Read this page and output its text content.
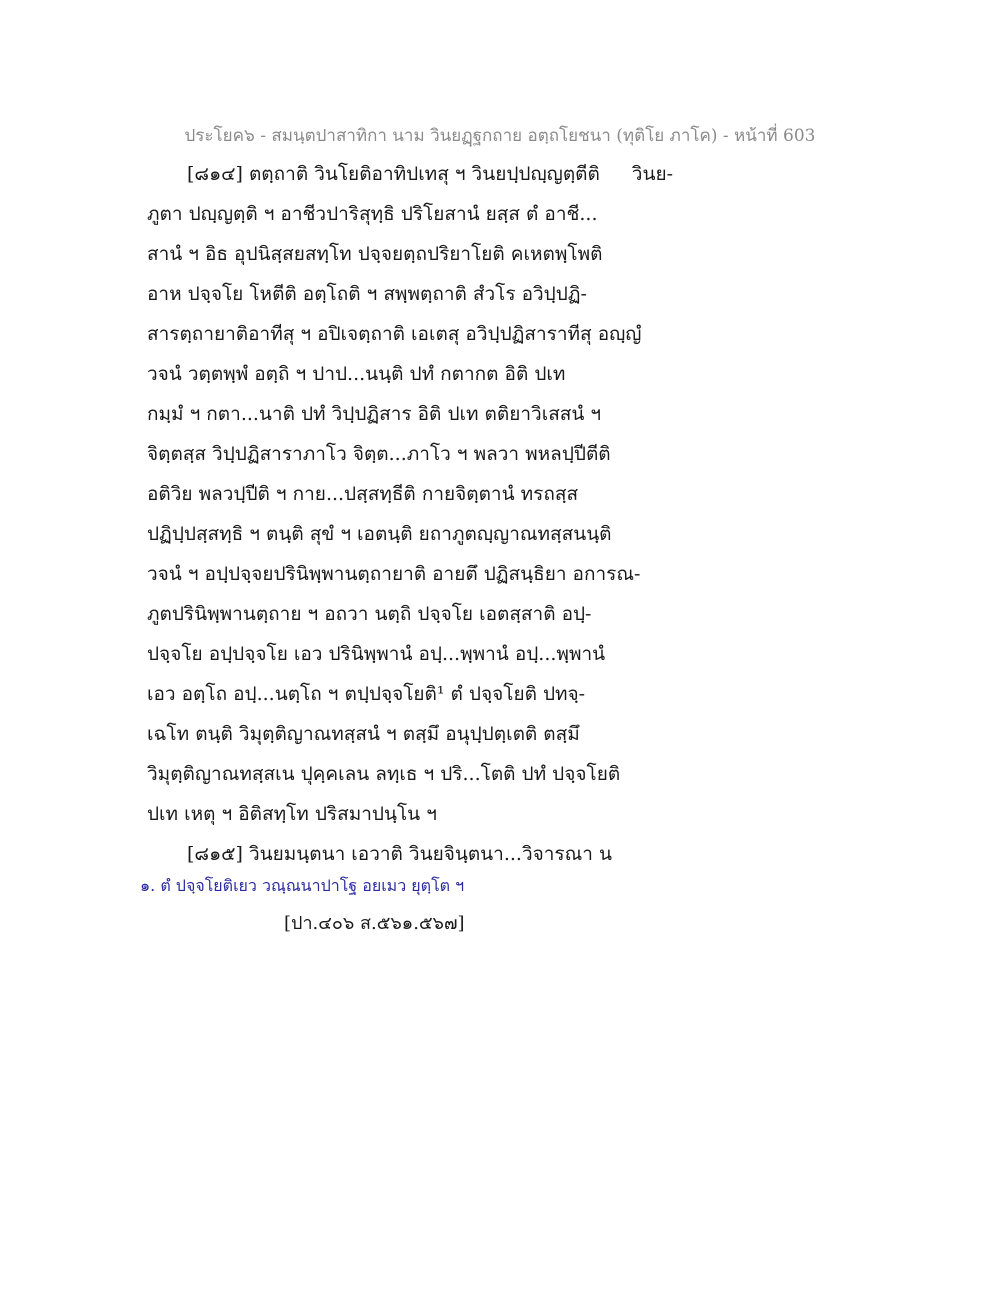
ประโยค๖ - สมนฺตปาสาทิกา นาม วินยฏฺฐกถาย อตฺถโยชนา (ทุติโย ภาโค) - หน้าที่ 603
[๘๑๔] ตตฺถาติ วินโยติอาทิปเทสุ ฯ วินยปฺปญฺญตฺตีติ วินย-
ภูตา ปญฺญตฺติ ฯ อาชีวปาริสุทฺธิ ปริโยสานํ ยสฺส ตํ อาชี...
สานํ ฯ อิธ อุปนิสฺสยสทฺโท ปจฺจยตฺถปริยาโยติ คเหตพฺโพติ
อาห ปจฺจโย โหตีติ อตฺโถติ ฯ สพฺพตฺถาติ สํวโร อวิปฺปฏิ-
สารตฺถายาติอาทีสุ ฯ อปิเจตฺถาติ เอเตสุ อวิปฺปฏิสาราทีสุ อญฺญํ
วจนํ วตฺตพฺพํ อตฺถิ ฯ ปาป...นนฺติ ปทํ กตากต อิติ ปเท
กมฺมํ ฯ กตา...นาติ ปทํ วิปฺปฏิสาร อิติ ปเท ตติยาวิเสสนํ ฯ
จิตฺตสฺส วิปฺปฏิสาราภาโว จิตฺต...ภาโว ฯ พลวา พหลปฺปีตีติ
อติวิย พลวปฺปีติ ฯ กาย...ปสฺสทฺธีติ กายจิตฺตานํ ทรถสฺส
ปฏิปฺปสฺสทฺธิ ฯ ตนฺติ สุขํ ฯ เอตนฺติ ยถาภูตญฺญาณทสฺสนนฺติ
วจนํ ฯ อปฺปจฺจยปรินิพฺพานตฺถายาติ อายตึ ปฏิสนฺธิยา อการณ-
ภูตปรินิพฺพานตฺถาย ฯ อถวา นตฺถิ ปจฺจโย เอตสฺสาติ อปฺ-
ปจฺจโย อปฺปจฺจโย เอว ปรินิพฺพานํ อปฺ...พฺพานํ อปฺ...พฺพานํ
เอว อตฺโถ อปฺ...นตฺโถ ฯ ตปฺปจฺจโยติ¹ ตํ ปจฺจโยติ ปทจฺ-
เฉโท ตนฺติ วิมุตฺติญาณทสฺสนํ ฯ ตสฺมึ อนุปฺปตฺเตติ ตสฺมึ
วิมุตฺติญาณทสฺสเน ปุคฺคเลน ลทฺเธ ฯ ปริ...โตติ ปทํ ปจฺจโยติ
ปเท เหตุ ฯ อิติสทฺโท ปริสมาปนฺโน ฯ
[๘๑๕] วินยมนฺตนา เอวาติ วินยจินฺตนา...วิจารณา น
๑. ตํ ปจฺจโยติเยว วณฺณนาปาโฐ อยเมว ยุตฺโต ฯ
[ปา.๔๐๖ ส.๕๖๑.๕๖๗]
